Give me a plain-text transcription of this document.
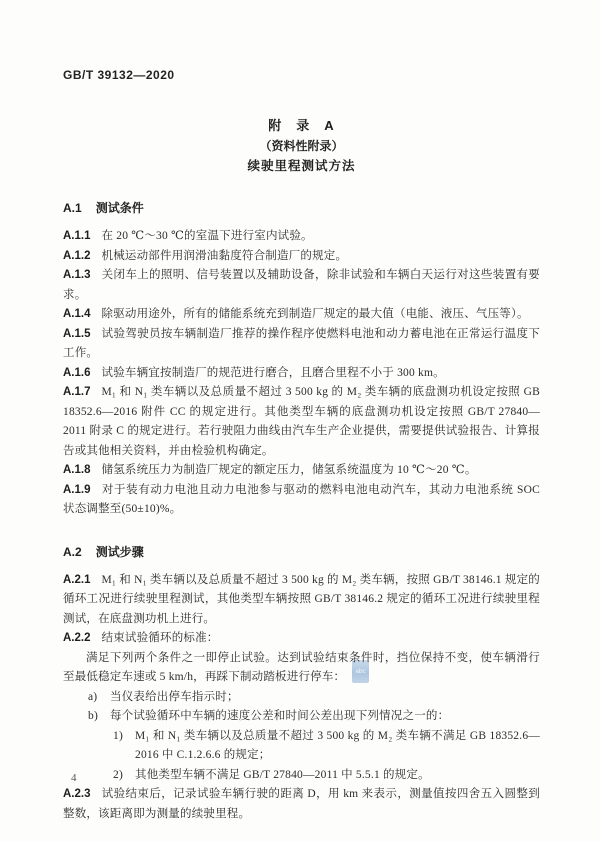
GB/T 39132—2020
abc
附　录　A
（资料性附录）
续驶里程测试方法
A.1 测试条件
A.1.1 在 20 ℃～30 ℃的室温下进行室内试验。
A.1.2 机械运动部件用润滑油黏度符合制造厂的规定。
A.1.3 关闭车上的照明、信号装置以及辅助设备，除非试验和车辆白天运行对这些装置有要求。
A.1.4 除驱动用途外，所有的储能系统充到制造厂规定的最大值（电能、液压、气压等）。
A.1.5 试验驾驶员按车辆制造厂推荐的操作程序使燃料电池和动力蓄电池在正常运行温度下工作。
A.1.6 试验车辆宜按制造厂的规范进行磨合，且磨合里程不小于 300 km。
A.1.7 M₁ 和 N₁ 类车辆以及总质量不超过 3 500 kg 的 M₂ 类车辆的底盘测功机设定按照 GB 18352.6—2016 附件 CC 的规定进行。其他类型车辆的底盘测功机设定按照 GB/T 27840—2011 附录 C 的规定进行。若行驶阻力曲线由汽车生产企业提供，需要提供试验报告、计算报告或其他相关资料，并由检验机构确定。
A.1.8 储氢系统压力为制造厂规定的额定压力，储氢系统温度为 10 ℃～20 ℃。
A.1.9 对于装有动力电池且动力电池参与驱动的燃料电池电动汽车，其动力电池系统 SOC 状态调整至(50±10)%。
A.2 测试步骤
A.2.1 M₁ 和 N₁ 类车辆以及总质量不超过 3 500 kg 的 M₂ 类车辆，按照 GB/T 38146.1 规定的循环工况进行续驶里程测试，其他类型车辆按照 GB/T 38146.2 规定的循环工况进行续驶里程测试，在底盘测功机上进行。
A.2.2 结束试验循环的标准：
满足下列两个条件之一即停止试验。达到试验结束条件时，挡位保持不变，使车辆滑行至最低稳定车速或 5 km/h，再踩下制动踏板进行停车：
a)	当仪表给出停车指示时；
b)	每个试验循环中车辆的速度公差和时间公差出现下列情况之一的：
1)	M₁ 和 N₁ 类车辆以及总质量不超过 3 500 kg 的 M₂ 类车辆不满足 GB 18352.6—2016 中 C.1.2.6.6 的规定；
2)	其他类型车辆不满足 GB/T 27840—2011 中 5.5.1 的规定。
A.2.3 试验结束后，记录试验车辆行驶的距离 D，用 km 来表示，测量值按四舍五入圆整到整数，该距离即为测量的续驶里程。
4
